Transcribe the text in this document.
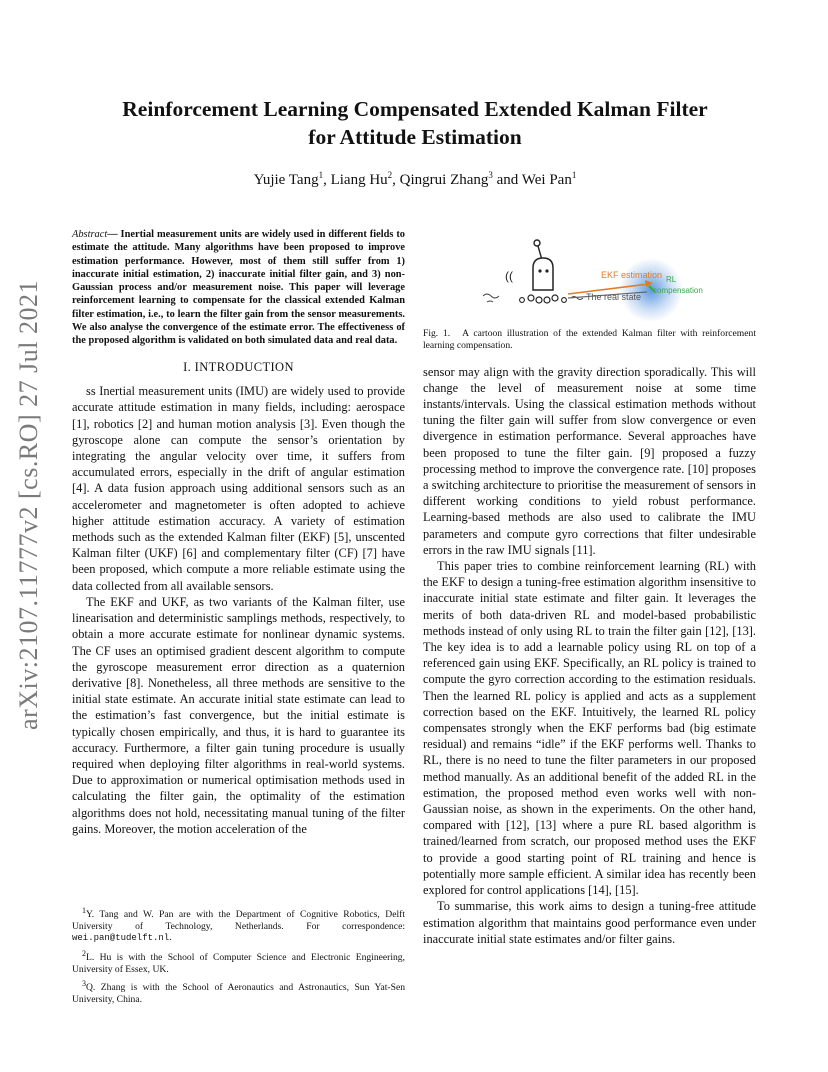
arXiv:2107.11777v2 [cs.RO] 27 Jul 2021
Reinforcement Learning Compensated Extended Kalman Filter
for Attitude Estimation
Yujie Tang$^1$, Liang Hu$^2$, Qingrui Zhang$^3$ and Wei Pan$^1$
Abstract— Inertial measurement units are widely used in different fields to estimate the attitude. Many algorithms have been proposed to improve estimation performance. However, most of them still suffer from 1) inaccurate initial estimation, 2) inaccurate initial filter gain, and 3) non-Gaussian process and/or measurement noise. This paper will leverage reinforcement learning to compensate for the classical extended Kalman filter estimation, i.e., to learn the filter gain from the sensor measurements. We also analyse the convergence of the estimate error. The effectiveness of the proposed algorithm is validated on both simulated data and real data.
I. INTRODUCTION

ss Inertial measurement units (IMU) are widely used to provide accurate attitude estimation in many fields, including: aerospace [1], robotics [2] and human motion analysis [3]. Even though the gyroscope alone can compute the sensor’s orientation by integrating the angular velocity over time, it suffers from accumulated errors, especially in the drift of angular estimation [4]. A data fusion approach using additional sensors such as an accelerometer and magnetometer is often adopted to achieve higher attitude estimation accuracy. A variety of estimation methods such as the extended Kalman filter (EKF) [5], unscented Kalman filter (UKF) [6] and complementary filter (CF) [7] have been proposed, which compute a more reliable estimate using the data collected from all available sensors.

The EKF and UKF, as two variants of the Kalman filter, use linearisation and deterministic samplings methods, respectively, to obtain a more accurate estimate for nonlinear dynamic systems. The CF uses an optimised gradient descent algorithm to compute the gyroscope measurement error direction as a quaternion derivative [8]. Nonetheless, all three methods are sensitive to the initial state estimate. An accurate initial state estimate can lead to the estimation’s fast convergence, but the initial estimate is typically chosen empirically, and thus, it is hard to guarantee its accuracy. Furthermore, a filter gain tuning procedure is usually required when deploying filter algorithms in real-world systems. Due to approximation or numerical optimisation methods used in calculating the filter gain, the optimality of the estimation algorithms does not hold, necessitating manual tuning of the filter gains. Moreover, the motion acceleration of the

$^1$Y. Tang and W. Pan are with the Department of Cognitive Robotics, Delft University of Technology, Netherlands. For correspondence: wei.pan@tudelft.nl.

$^2$L. Hu is with the School of Computer Science and Electronic Engineering, University of Essex, UK.

$^3$Q. Zhang is with the School of Aeronautics and Astronautics, Sun Yat-Sen University, China.

((	EKF estimation RL
compensation
The real state
Fig. 1. A cartoon illustration of the extended Kalman filter with reinforcement learning compensation.

sensor may align with the gravity direction sporadically. This will change the level of measurement noise at some time instants/intervals. Using the classical estimation methods without tuning the filter gain will suffer from slow convergence or even divergence in estimation performance. Several approaches have been proposed to tune the filter gain. [9] proposed a fuzzy processing method to improve the convergence rate. [10] proposes a switching architecture to prioritise the measurement of sensors in different working conditions to yield robust performance. Learning-based methods are also used to calibrate the IMU parameters and compute gyro corrections that filter undesirable errors in the raw IMU signals [11].

This paper tries to combine reinforcement learning (RL) with the EKF to design a tuning-free estimation algorithm insensitive to inaccurate initial state estimate and filter gain. It leverages the merits of both data-driven RL and model-based probabilistic methods instead of only using RL to train the filter gain [12], [13]. The key idea is to add a learnable policy using RL on top of a referenced gain using EKF. Specifically, an RL policy is trained to compute the gyro correction according to the estimation residuals. Then the learned RL policy is applied and acts as a supplement correction based on the EKF. Intuitively, the learned RL policy compensates strongly when the EKF performs bad (big estimate residual) and remains “idle” if the EKF performs well. Thanks to RL, there is no need to tune the filter parameters in our proposed method manually. As an additional benefit of the added RL in the estimation, the proposed method even works well with non-Gaussian noise, as shown in the experiments. On the other hand, compared with [12], [13] where a pure RL based algorithm is trained/learned from scratch, our proposed method uses the EKF to provide a good starting point of RL training and hence is potentially more sample efficient. A similar idea has recently been explored for control applications [14], [15].

To summarise, this work aims to design a tuning-free attitude estimation algorithm that maintains good performance even under inaccurate initial state estimates and/or filter gains.
